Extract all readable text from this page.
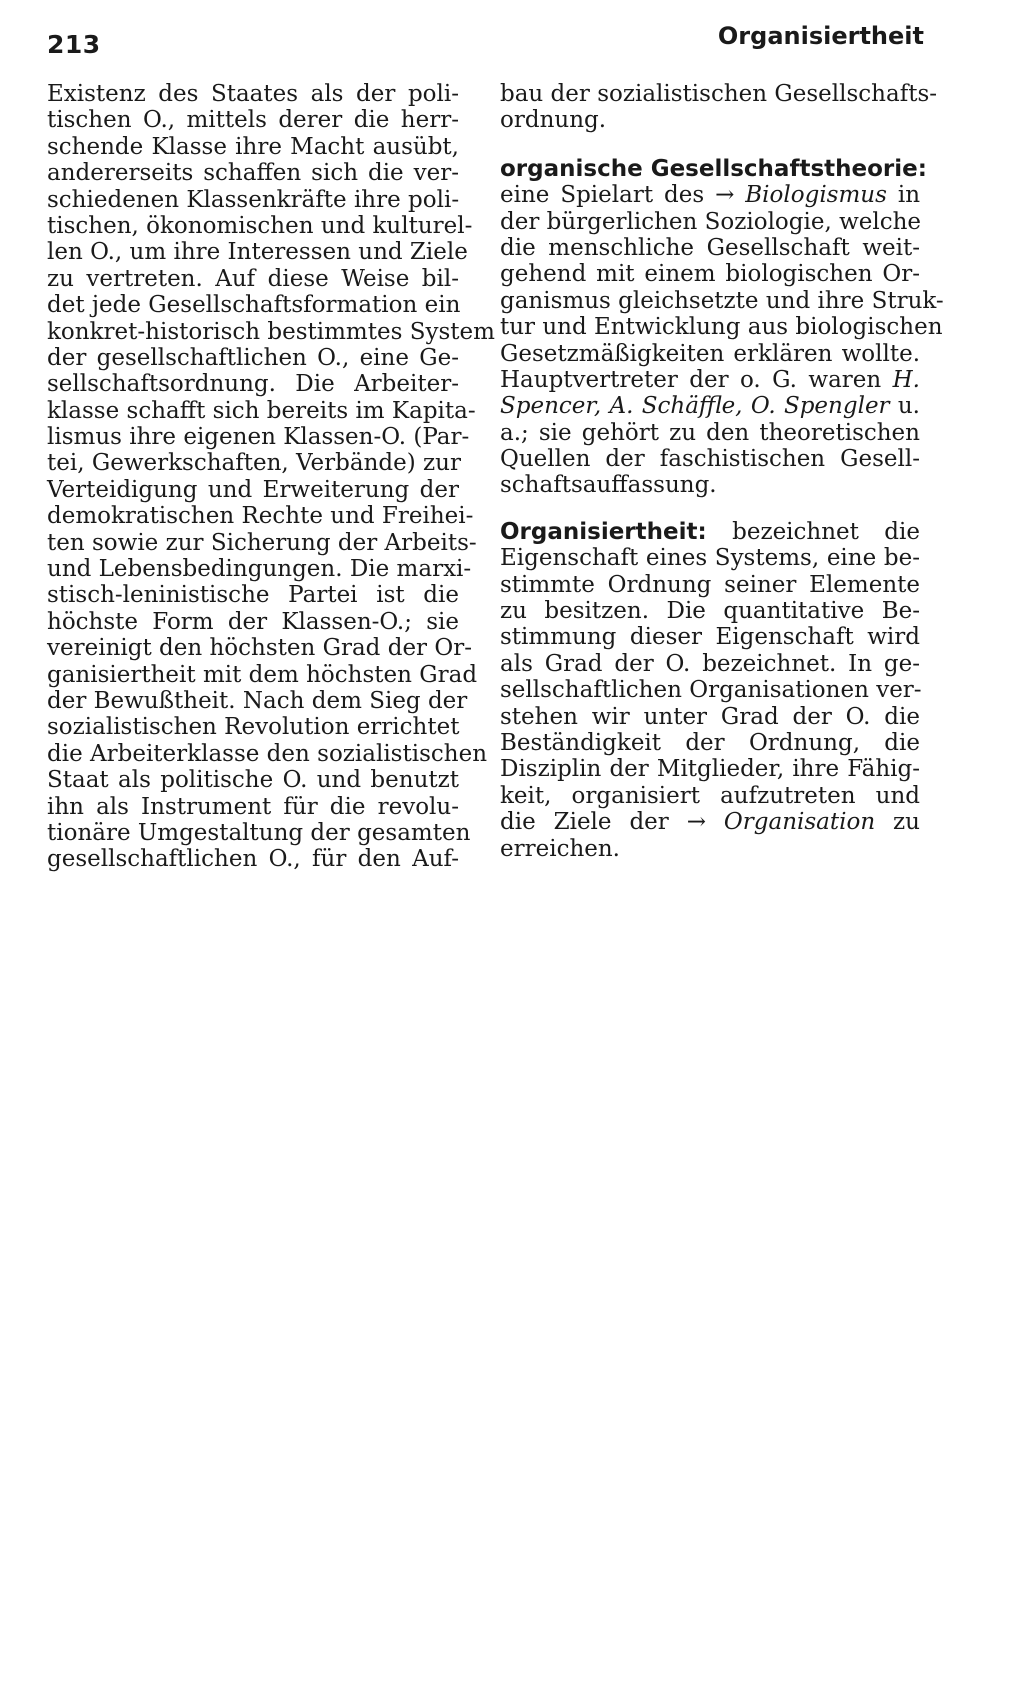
213	Organisiertheit
Existenz des Staates als der poli-
tischen O., mittels derer die herr-
schende Klasse ihre Macht ausübt,
andererseits schaffen sich die ver-
schiedenen Klassenkräfte ihre poli-
tischen, ökonomischen und kulturel-
len O., um ihre Interessen und Ziele
zu vertreten. Auf diese Weise bil-
det jede Gesellschaftsformation ein
konkret-historisch bestimmtes System
der gesellschaftlichen O., eine Ge-
sellschaftsordnung. Die Arbeiter-
klasse schafft sich bereits im Kapita-
lismus ihre eigenen Klassen-O. (Par-
tei, Gewerkschaften, Verbände) zur
Verteidigung und Erweiterung der
demokratischen Rechte und Freihei-
ten sowie zur Sicherung der Arbeits-
und Lebensbedingungen. Die marxi-
stisch-leninistische Partei ist die
höchste Form der Klassen-O.; sie
vereinigt den höchsten Grad der Or-
ganisiertheit mit dem höchsten Grad
der Bewußtheit. Nach dem Sieg der
sozialistischen Revolution errichtet
die Arbeiterklasse den sozialistischen
Staat als politische O. und benutzt
ihn als Instrument für die revolu-
tionäre Umgestaltung der gesamten
gesellschaftlichen O., für den Auf-
bau der sozialistischen Gesellschafts-
ordnung.
organische Gesellschaftstheorie:
eine Spielart des → Biologismus in
der bürgerlichen Soziologie, welche
die menschliche Gesellschaft weit-
gehend mit einem biologischen Or-
ganismus gleichsetzte und ihre Struk-
tur und Entwicklung aus biologischen
Gesetzmäßigkeiten erklären wollte.
Hauptvertreter der o. G. waren H.
Spencer, A. Schäffle, O. Spengler u.
a.; sie gehört zu den theoretischen
Quellen der faschistischen Gesell-
schaftsauffassung.
Organisiertheit: bezeichnet die
Eigenschaft eines Systems, eine be-
stimmte Ordnung seiner Elemente
zu besitzen. Die quantitative Be-
stimmung dieser Eigenschaft wird
als Grad der O. bezeichnet. In ge-
sellschaftlichen Organisationen ver-
stehen wir unter Grad der O. die
Beständigkeit der Ordnung, die
Disziplin der Mitglieder, ihre Fähig-
keit, organisiert aufzutreten und
die Ziele der → Organisation zu
erreichen.
